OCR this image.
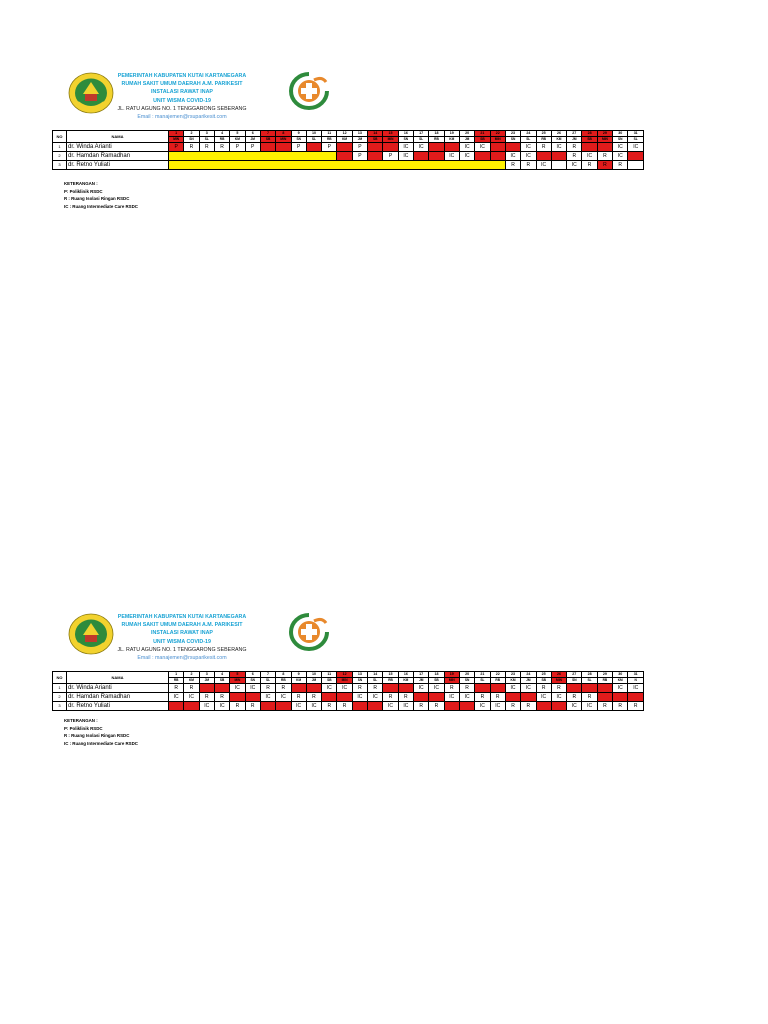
PEMERINTAH KABUPATEN KUTAI KARTANEGARA
RUMAH SAKIT UMUM DAERAH A.M. PARIKESIT
INSTALASI RAWAT INAP
UNIT WISMA COVID-19
JL. RATU AGUNG NO. 1 TENGGARONG SEBERANG
Email : manajemen@rsuparikesit.com
NO	NAMA	1	2	3	4	5	6	7	8	9	10	11	12	13	14	15	16	17	18	19	20	21	22	23	24	25	26	27	28	29	30	31
		MIN	SN	SL	RB	KM	JM	SB	MIN	SN	SL	RB	KM	JM	SB	MIN	SN	SL	RB	KM	JM	SB	MIN	SN	SL	RB	KM	JM	SB	MIN	SN	SL
1	dr. Winda Arianti	P	R	R	R	P	P			P		P		P			IC	IC			IC	IC			IC	R	IC	R			IC	IC
2	dr. Hamdan Ramadhan													P		P	IC			IC	IC			IC	IC			R	IC	R	IC	
3	dr. Retno Yuliati																							R	R	IC		IC	R	R	R	
KETERANGAN :
P: Poliklinik RSDC
R : Ruang Isolasi Ringan RSDC
IC : Ruang Intermediate Care RSDC
PEMERINTAH KABUPATEN KUTAI KARTANEGARA
RUMAH SAKIT UMUM DAERAH A.M. PARIKESIT
INSTALASI RAWAT INAP
UNIT WISMA COVID-19
JL. RATU AGUNG NO. 1 TENGGARONG SEBERANG
Email : manajemen@rsuparikesit.com
NO	NAMA	1	2	3	4	5	6	7	8	9	10	11	12	13	14	15	16	17	18	19	20	21	22	23	24	25	26	27	28	29	30	31
		RB	KM	JM	SB	MIN	SN	SL	RB	KM	JM	SB	MIN	SN	SL	RB	KM	JM	SB	MIN	SN	SL	RB	KM	JM	SB	MIN	SN	SL	RB	KM	N
1	dr. Winda Arianti	R	R			IC	IC	R	R			IC	IC	R	R			IC	IC	R	R			IC	IC	R	R				IC	IC
2	dr. Hamdan Ramadhan	IC	IC	R	R			IC	IC	R	R			IC	IC	R	R			IC	IC	R	R			IC	IC	R	R			
3	dr. Retno Yuliati			IC	IC	R	R			IC	IC	R	R			IC	IC	R	R			IC	IC	R	R			IC	IC	R	R	R
KETERANGAN :
P: Poliklinik RSDC
R : Ruang Isolasi Ringan RSDC
IC : Ruang Intermediate Care RSDC
